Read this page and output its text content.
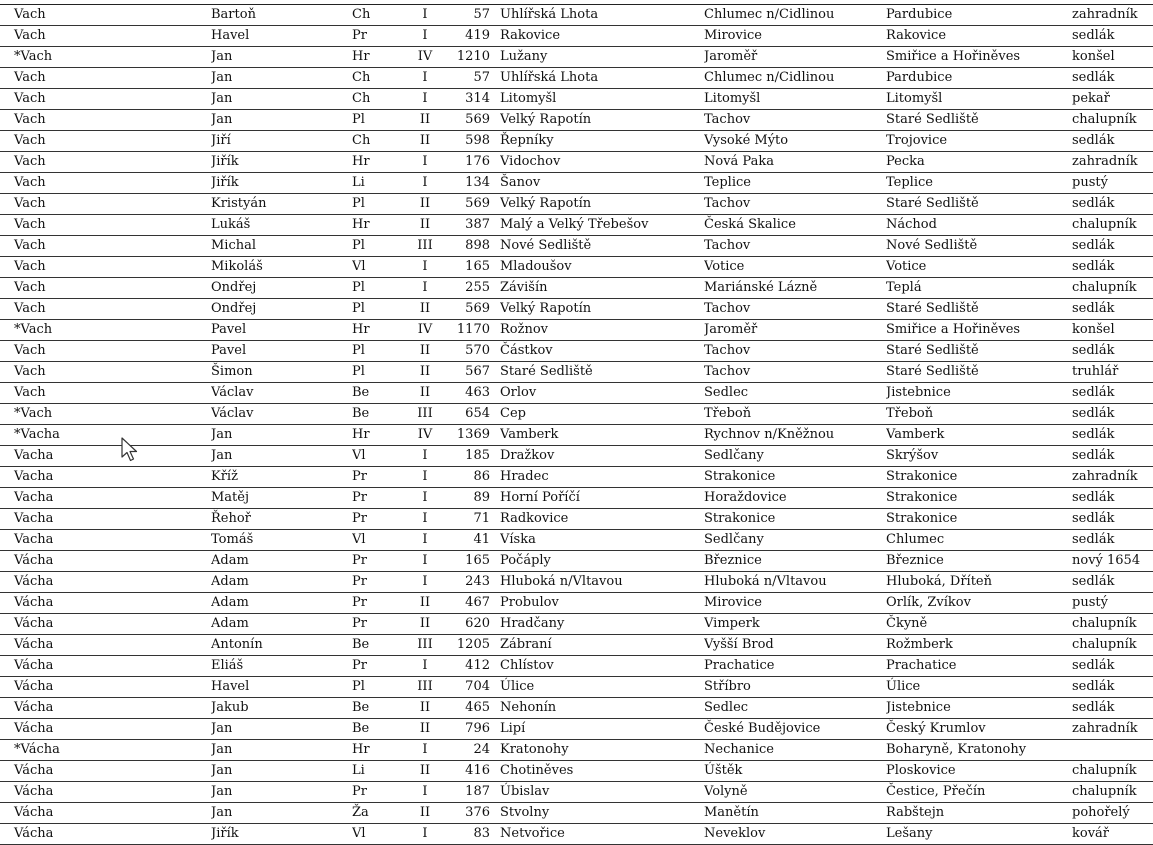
Vach	Bartoň	Ch	I	57	Uhlířská Lhota	Chlumec n/Cidlinou	Pardubice	zahradník
Vach	Havel	Pr	I	419	Rakovice	Mirovice	Rakovice	sedlák
*Vach	Jan	Hr	IV	1210	Lužany	Jaroměř	Smiřice a Hořiněves	konšel
Vach	Jan	Ch	I	57	Uhlířská Lhota	Chlumec n/Cidlinou	Pardubice	sedlák
Vach	Jan	Ch	I	314	Litomyšl	Litomyšl	Litomyšl	pekař
Vach	Jan	Pl	II	569	Velký Rapotín	Tachov	Staré Sedliště	chalupník
Vach	Jiří	Ch	II	598	Řepníky	Vysoké Mýto	Trojovice	sedlák
Vach	Jiřík	Hr	I	176	Vidochov	Nová Paka	Pecka	zahradník
Vach	Jiřík	Li	I	134	Šanov	Teplice	Teplice	pustý
Vach	Kristyán	Pl	II	569	Velký Rapotín	Tachov	Staré Sedliště	sedlák
Vach	Lukáš	Hr	II	387	Malý a Velký Třebešov	Česká Skalice	Náchod	chalupník
Vach	Michal	Pl	III	898	Nové Sedliště	Tachov	Nové Sedliště	sedlák
Vach	Mikoláš	Vl	I	165	Mladoušov	Votice	Votice	sedlák
Vach	Ondřej	Pl	I	255	Závišín	Mariánské Lázně	Teplá	chalupník
Vach	Ondřej	Pl	II	569	Velký Rapotín	Tachov	Staré Sedliště	sedlák
*Vach	Pavel	Hr	IV	1170	Rožnov	Jaroměř	Smiřice a Hořiněves	konšel
Vach	Pavel	Pl	II	570	Částkov	Tachov	Staré Sedliště	sedlák
Vach	Šimon	Pl	II	567	Staré Sedliště	Tachov	Staré Sedliště	truhlář
Vach	Václav	Be	II	463	Orlov	Sedlec	Jistebnice	sedlák
*Vach	Václav	Be	III	654	Cep	Třeboň	Třeboň	sedlák
*Vacha	Jan	Hr	IV	1369	Vamberk	Rychnov n/Kněžnou	Vamberk	sedlák
Vacha	Jan	Vl	I	185	Dražkov	Sedlčany	Skrýšov	sedlák
Vacha	Kříž	Pr	I	86	Hradec	Strakonice	Strakonice	zahradník
Vacha	Matěj	Pr	I	89	Horní Poříčí	Horaždovice	Strakonice	sedlák
Vacha	Řehoř	Pr	I	71	Radkovice	Strakonice	Strakonice	sedlák
Vacha	Tomáš	Vl	I	41	Víska	Sedlčany	Chlumec	sedlák
Vácha	Adam	Pr	I	165	Počáply	Březnice	Březnice	nový 1654
Vácha	Adam	Pr	I	243	Hluboká n/Vltavou	Hluboká n/Vltavou	Hluboká, Dříteň	sedlák
Vácha	Adam	Pr	II	467	Probulov	Mirovice	Orlík, Zvíkov	pustý
Vácha	Adam	Pr	II	620	Hradčany	Vimperk	Čkyně	chalupník
Vácha	Antonín	Be	III	1205	Zábraní	Vyšší Brod	Rožmberk	chalupník
Vácha	Eliáš	Pr	I	412	Chlístov	Prachatice	Prachatice	sedlák
Vácha	Havel	Pl	III	704	Úlice	Stříbro	Úlice	sedlák
Vácha	Jakub	Be	II	465	Nehonín	Sedlec	Jistebnice	sedlák
Vácha	Jan	Be	II	796	Lipí	České Budějovice	Český Krumlov	zahradník
*Vácha	Jan	Hr	I	24	Kratonohy	Nechanice	Boharyně, Kratonohy	
Vácha	Jan	Li	II	416	Chotiněves	Úštěk	Ploskovice	chalupník
Vácha	Jan	Pr	I	187	Úbislav	Volyně	Čestice, Přečín	chalupník
Vácha	Jan	Ža	II	376	Stvolny	Manětín	Rabštejn	pohořelý
Vácha	Jiřík	Vl	I	83	Netvořice	Neveklov	Lešany	kovář
